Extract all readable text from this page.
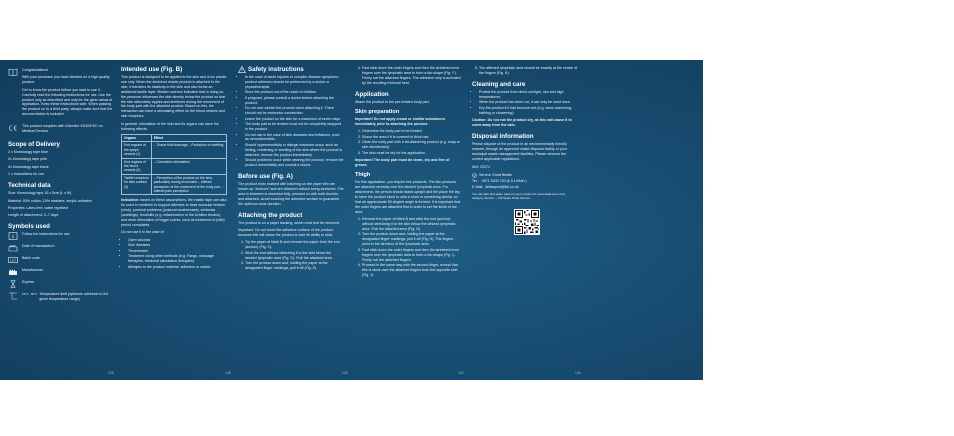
Congratulations!

With your purchase you have decided on a high-quality product.

Get to know the product before you start to use it. Carefully read the following instructions for use. Use the product only as described and only for the given areas of application. Keep these instructions safe. When passing the product on to a third party, always make sure that the documentation is included.

This product complies with Directive 93/42/EEC on Medical Devices.

Scope of Delivery

2 x Kinesiology tape blue

2x Kinesiology tape pink

4x Kinesiology tape black

1 x Instructions for use

Technical data

Size: Kinesiology tape 15 x 5cm (L x W)

Material: 90% cotton, 10% elastane, acrylic adhesive

Properties: Latex-free, water repellent

Length of attachment: 2–7 days

Symbols used
Follow the instructions for use
Date of manufacture
LOT
Batch code
Manufacturer
Expires
15°C 30°C Temperature limit (optimum adhesion in the given temperature range)
126
Intended use (Fig. B)

This product is designed to be applied to the skin and is for private use only. When the stretched elastic product is attached to the skin, it transfers its elasticity to the skin and also forms an additional tactile layer. Modern science indicates that in doing so, the pressure influences the skin directly below the product so that the skin alternately ripples and stretches during the movement of the body part with the attached product. Based on this, the interaction can have a stimulating effect on the blood vessels and skin receptors.

In general, stimulation of the skin and its organs can have the following effects:

Organs	Effect
End regions of the lymph vessels (1)	– Tissue fluid drainage – Reduction of swelling
End regions of the blood vessels (2)	– Circulation stimulation
Tactile receptors for skin contact (3)	– Perception of the product on the skin, particularly during movement – Altered perception of the movement of the body part – Altered pain perception

Indication: based on these assumptions, the elastic tape can also be used in medicine to support attempts to treat muscular tension (neck), postural problems (postural weaknesses), oedemas (swellings), tendinitis (e.g. inflammation of the Achilles tendon), and mere stimulation of trigger points, such as treatment of (mild) period complaints.

Do not use it in the case of:

• Open wounds
• Skin diseases
• Thromboses
• Treatment using other methods (e.g. Fango, massage therapies, electrical stimulation therapies)
• Allergies to the product material, adhesive or carrier
128
Safety instructions
• In the case of acute injuries or complex disease symptoms, product adhesion should be performed by a doctor or physiotherapist.
• Store the product out of the reach of children.
• If pregnant, please consult a doctor before attaching the product.
• Do not over-stretch the product when attaching it. There should not be excessive constriction.
• Leave the product on the skin for a maximum of seven days.
• The body part to be treated must not be completely strapped in the product.
• Do not use in the case of skin diseases and irritations, such as neurodermatitis.
• Should hypersensitivity or allergic reactions occur, such as itching, reddening or swelling of the skin where the product is attached, remove the product immediately.
• Should problems occur while wearing the product, remove the product immediately and consult a doctor.
Before use (Fig. A)

The product ends marked with hatching on the paper film are known as "anchors" and are attached without being stretched. The area in between is stretched fully, pressed on with both thumbs and attached. Avoid touching the adhesive surface to guarantee the optimum wear duration.

Attaching the product

The product is on a paper backing, which must first be removed.

Important: Do not touch the adhesive surface of the product because this will cause the product to lose its ability to stick.

1. Tip the paper at Mark B and remove the paper from the end (anchor) (Fig. C).
2. Stick the end without stretching it to the skin below the desired lymphatic area (Fig. D). Rub the attached area.
3. Turn the product down and, holding the paper at the designated finger markings, pull it off (Fig. E).
130
4. Fast stick down the outer fingers and then the stretched inner fingers over the lymphatic area to form a fan shape (Fig. F). Firmly rub the attached fingers. The adhesive strip is activated by the resulting frictional heat.
Application

Attach the product to the pre-treated body part.

Skin preparation

Important! Do not apply cream or similar substances immediately prior to attaching the product.

1. Determine the body part to be treated.
2. Shave the area if it is covered in thick hair.
3. Clean the body part with a fat-dissolving product (e.g. soap or skin disinfectant).
4. The skin must be dry for the application.

Important! The body part must be clean, dry and free of grease.

Thigh

For this application, you require two products. The two products are attached centrally over the desired lymphatic area. For attachment, the person should stand upright and the place the leg to have the product stuck to onto a chair or something similar, so that an approximate 90-degree angle is formed. It is important that the outer fingers are attached first in order to set the limits of the area.

1. Remove the paper at Mark B and stick the end (anchor) without stretching it to the skin below the desired lymphatic area. Rub the attached area (Fig. G).
2. Turn the product down and, holding the paper at the designated finger markings, pull it off (Fig. H). The fingers point in the direction of the lymphatic area.
3. Fast stick down the outer fingers and then the stretched inner fingers over the lymphatic area to form a fan shape (Fig. I). Firmly rub the attached fingers.
4. Proceed in the same way with the second finger, except that this is stuck over the attached fingers from the opposite side (Fig. J).
132
5. The affected lymphatic area should be exactly at the centre of the fingers (Fig. K).
Cleaning and care
• Protect the product from direct sunlight, rain and high temperatures.
• When the product has been cut, it can only be used once.
• Dry the product if it has become wet (e.g. when swimming, bathing or showering)

Caution: Do not rub the product dry, as this will cause it to come away from the skin.

Disposal information

Please dispose of the product in an environmentally friendly manner, through an approved waste disposal facility or your municipal waste management facilities. Please observe the current applicable regulations.

IAN: 22071

Service Great Britain

Tel.: 0871 5000 720 (£ 0.10/Min.)

E-Mail: deltasport@lidl.co.uk

You can also find spare parts for your product at: www.delta-sport.com, category Service – Lidl Spare Parts Service.

134
